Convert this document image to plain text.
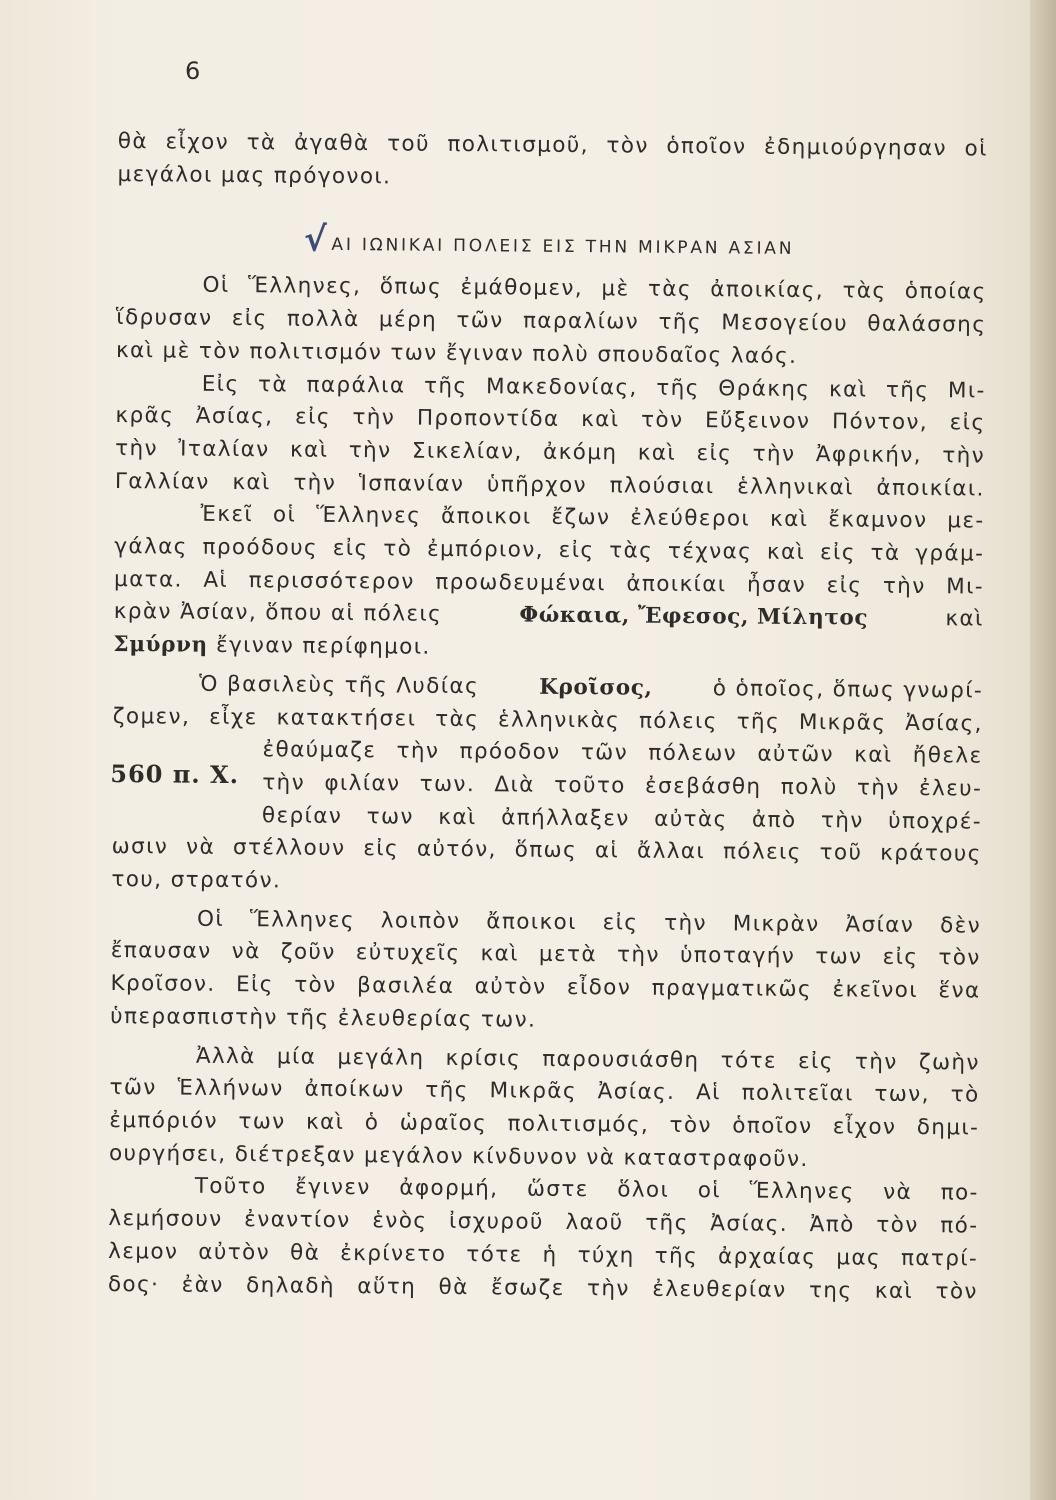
6
θὰ εἶχον τὰ ἀγαθὰ τοῦ πολιτισμοῦ, τὸν ὁποῖον ἐδημιούργησαν οἱ
μεγάλοι μας πρόγονοι.
√ ΑΙ ΙΩΝΙΚΑΙ ΠΟΛΕΙΣ ΕΙΣ ΤΗΝ ΜΙΚΡΑΝ ΑΣΙΑΝ
Οἱ Ἕλληνες, ὅπως ἐμάθομεν, μὲ τὰς ἀποικίας, τὰς ὁποίας
ἵδρυσαν εἰς πολλὰ μέρη τῶν παραλίων τῆς Μεσογείου θαλάσσης
καὶ μὲ τὸν πολιτισμόν των ἔγιναν πολὺ σπουδαῖος λαός.
Εἰς τὰ παράλια τῆς Μακεδονίας, τῆς Θράκης καὶ τῆς Μι-
κρᾶς Ἀσίας, εἰς τὴν Προποντίδα καὶ τὸν Εὔξεινον Πόντον, εἰς
τὴν Ἰταλίαν καὶ τὴν Σικελίαν, ἀκόμη καὶ εἰς τὴν Ἀφρικήν, τὴν
Γαλλίαν καὶ τὴν Ἱσπανίαν ὑπῆρχον πλούσιαι ἑλληνικαὶ ἀποικίαι.
Ἐκεῖ οἱ Ἕλληνες ἄποικοι ἔζων ἐλεύθεροι καὶ ἔκαμνον με-
γάλας προόδους εἰς τὸ ἐμπόριον, εἰς τὰς τέχνας καὶ εἰς τὰ γράμ-
ματα. Αἱ περισσότερον προωδευμέναι ἀποικίαι ἦσαν εἰς τὴν Μι-
κρὰν Ἀσίαν, ὅπου αἱ πόλεις	Φώκαια, Ἔφεσος, Μίλητος	καὶ
Σμύρνη
ἔγιναν περίφημοι.
Ὁ βασιλεὺς τῆς Λυδίας	Κροῖσος,	ὁ ὁποῖος, ὅπως γνωρί-
ζομεν, εἶχε κατακτήσει τὰς ἑλληνικὰς πόλεις τῆς Μικρᾶς Ἀσίας,
560 π. Χ.
ἐθαύμαζε τὴν πρόοδον τῶν πόλεων αὐτῶν καὶ ἤθελε
τὴν φιλίαν των. Διὰ τοῦτο ἐσεβάσθη πολὺ τὴν ἐλευ-
θερίαν των καὶ ἀπήλλαξεν αὐτὰς ἀπὸ τὴν ὑποχρέ-
ωσιν νὰ στέλλουν εἰς αὐτόν, ὅπως αἱ ἄλλαι πόλεις τοῦ κράτους
του, στρατόν.
Οἱ Ἕλληνες λοιπὸν ἄποικοι εἰς τὴν Μικρὰν Ἀσίαν δὲν
ἔπαυσαν νὰ ζοῦν εὐτυχεῖς καὶ μετὰ τὴν ὑποταγήν των εἰς τὸν
Κροῖσον. Εἰς τὸν βασιλέα αὐτὸν εἶδον πραγματικῶς ἐκεῖνοι ἕνα
ὑπερασπιστὴν τῆς ἐλευθερίας των.
Ἀλλὰ μία μεγάλη κρίσις παρουσιάσθη τότε εἰς τὴν ζωὴν
τῶν Ἑλλήνων ἀποίκων τῆς Μικρᾶς Ἀσίας. Αἱ πολιτεῖαι των, τὸ
ἐμπόριόν των καὶ ὁ ὡραῖος πολιτισμός, τὸν ὁποῖον εἶχον δημι-
ουργήσει, διέτρεξαν μεγάλον κίνδυνον νὰ καταστραφοῦν.
Τοῦτο ἔγινεν ἀφορμή, ὥστε ὅλοι οἱ Ἕλληνες νὰ πο-
λεμήσουν ἐναντίον ἑνὸς ἰσχυροῦ λαοῦ τῆς Ἀσίας. Ἀπὸ τὸν πό-
λεμον αὐτὸν θὰ ἐκρίνετο τότε ἡ τύχη τῆς ἀρχαίας μας πατρί-
δος· ἐὰν δηλαδὴ αὕτη θὰ ἔσωζε τὴν ἐλευθερίαν της καὶ τὸν
